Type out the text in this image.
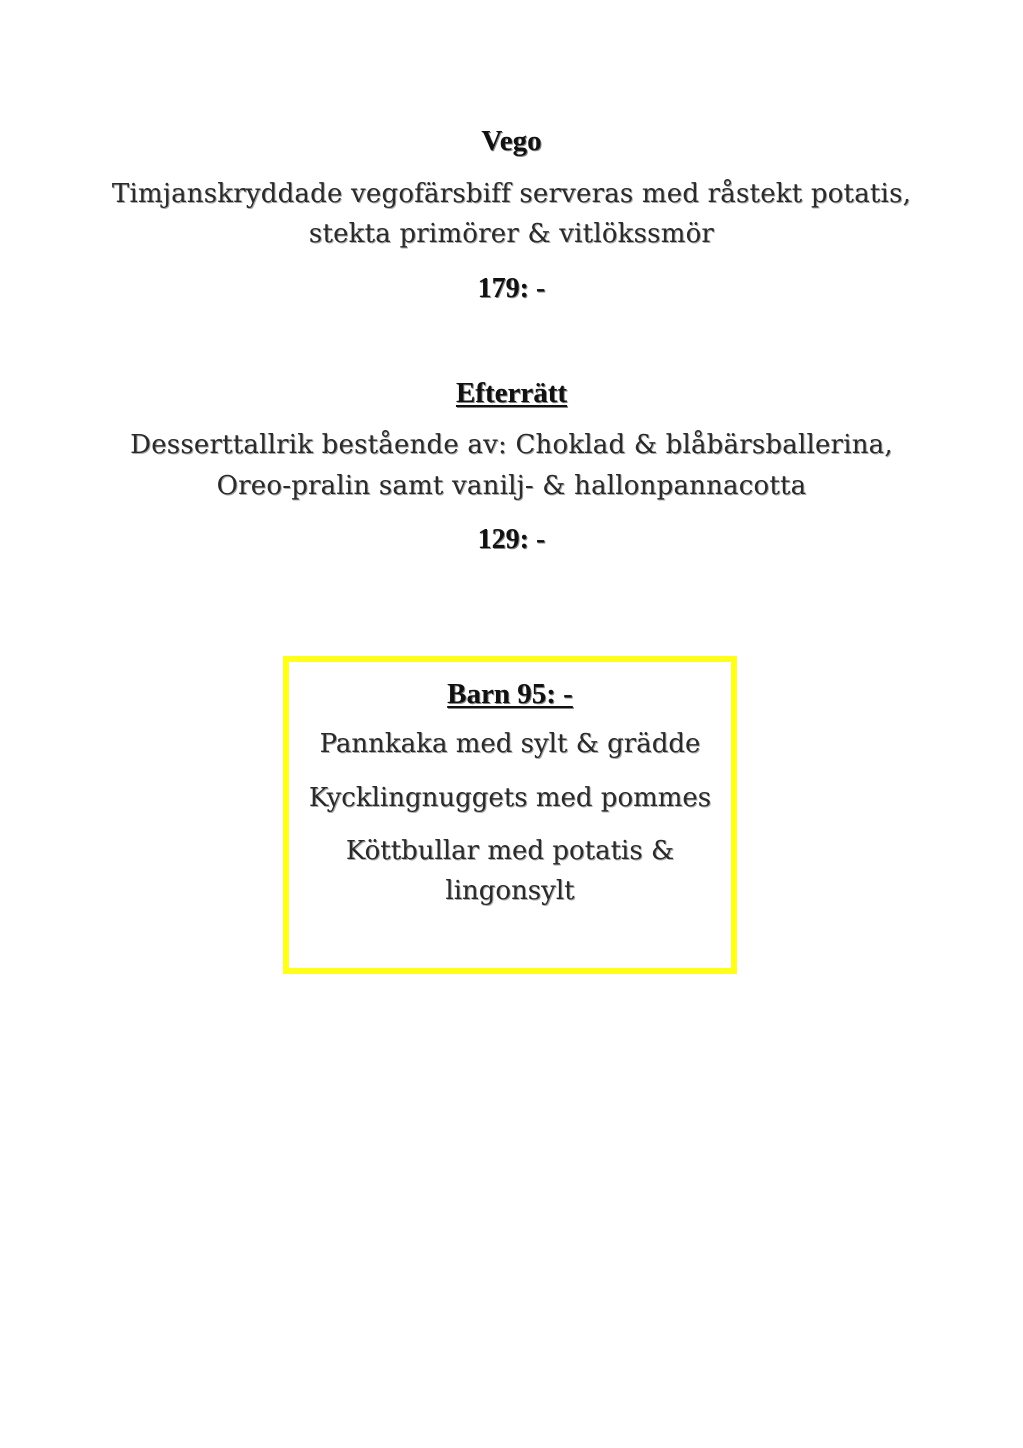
Vego
Timjanskryddade vegofärsbiff serveras med råstekt potatis,
stekta primörer & vitlökssmör
179: -
Efterrätt
Desserttallrik bestående av: Choklad & blåbärsballerina,
Oreo-pralin samt vanilj- & hallonpannacotta
129: -
Barn 95: -
Pannkaka med sylt & grädde
Kycklingnuggets med pommes
Köttbullar med potatis &
lingonsylt
